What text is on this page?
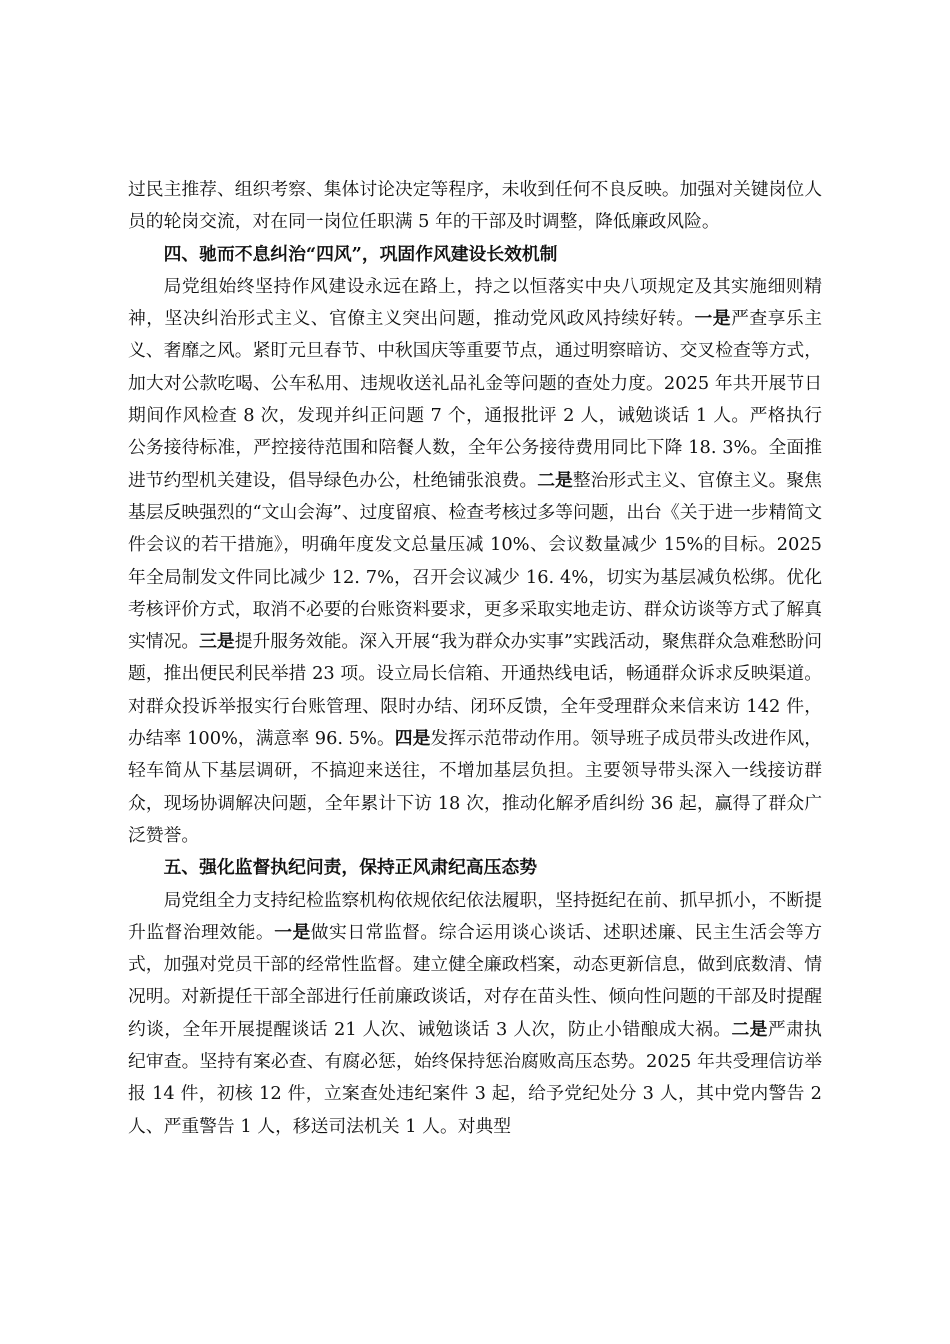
过民主推荐、组织考察、集体讨论决定等程序，未收到任何不良反映。加强对关键岗位人员的轮岗交流，对在同一岗位任职满 5 年的干部及时调整，降低廉政风险。

四、驰而不息纠治“四风”，巩固作风建设长效机制

局党组始终坚持作风建设永远在路上，持之以恒落实中央八项规定及其实施细则精神，坚决纠治形式主义、官僚主义突出问题，推动党风政风持续好转。一是严查享乐主义、奢靡之风。紧盯元旦春节、中秋国庆等重要节点，通过明察暗访、交叉检查等方式，加大对公款吃喝、公车私用、违规收送礼品礼金等问题的查处力度。2025 年共开展节日期间作风检查 8 次，发现并纠正问题 7 个，通报批评 2 人，诫勉谈话 1 人。严格执行公务接待标准，严控接待范围和陪餐人数，全年公务接待费用同比下降 18. 3%。全面推进节约型机关建设，倡导绿色办公，杜绝铺张浪费。二是整治形式主义、官僚主义。聚焦基层反映强烈的“文山会海”、过度留痕、检查考核过多等问题，出台《关于进一步精简文件会议的若干措施》，明确年度发文总量压减 10%、会议数量减少 15%的目标。2025 年全局制发文件同比减少 12. 7%，召开会议减少 16. 4%，切实为基层减负松绑。优化考核评价方式，取消不必要的台账资料要求，更多采取实地走访、群众访谈等方式了解真实情况。三是提升服务效能。深入开展“我为群众办实事”实践活动，聚焦群众急难愁盼问题，推出便民利民举措 23 项。设立局长信箱、开通热线电话，畅通群众诉求反映渠道。对群众投诉举报实行台账管理、限时办结、闭环反馈，全年受理群众来信来访 142 件，办结率 100%，满意率 96. 5%。四是发挥示范带动作用。领导班子成员带头改进作风，轻车简从下基层调研，不搞迎来送往，不增加基层负担。主要领导带头深入一线接访群众，现场协调解决问题，全年累计下访 18 次，推动化解矛盾纠纷 36 起，赢得了群众广泛赞誉。

五、强化监督执纪问责，保持正风肃纪高压态势

局党组全力支持纪检监察机构依规依纪依法履职，坚持挺纪在前、抓早抓小，不断提升监督治理效能。一是做实日常监督。综合运用谈心谈话、述职述廉、民主生活会等方式，加强对党员干部的经常性监督。建立健全廉政档案，动态更新信息，做到底数清、情况明。对新提任干部全部进行任前廉政谈话，对存在苗头性、倾向性问题的干部及时提醒约谈，全年开展提醒谈话 21 人次、诫勉谈话 3 人次，防止小错酿成大祸。二是严肃执纪审查。坚持有案必查、有腐必惩，始终保持惩治腐败高压态势。2025 年共受理信访举报 14 件，初核 12 件，立案查处违纪案件 3 起，给予党纪处分 3 人，其中党内警告 2 人、严重警告 1 人，移送司法机关 1 人。对典型
